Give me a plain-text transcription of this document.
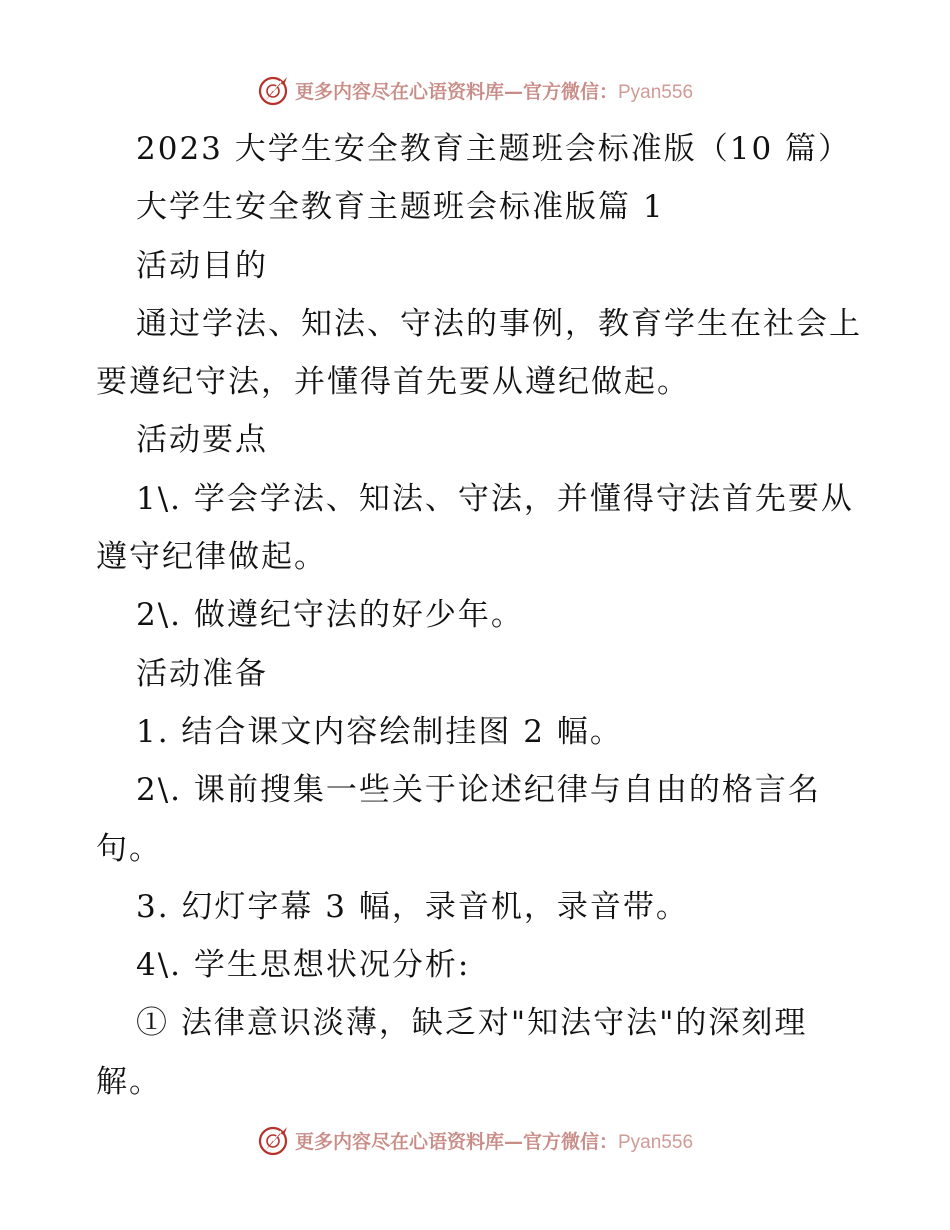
更多内容尽在心语资料库—官方微信：Pyan556

2023 大学生安全教育主题班会标准版（10 篇）

大学生安全教育主题班会标准版篇 1

活动目的

通过学法、知法、守法的事例，教育学生在社会上要遵纪守法，并懂得首先要从遵纪做起。

活动要点

1\. 学会学法、知法、守法，并懂得守法首先要从遵守纪律做起。

2\. 做遵纪守法的好少年。

活动准备

1. 结合课文内容绘制挂图 2 幅。

2\. 课前搜集一些关于论述纪律与自由的格言名句。

3. 幻灯字幕 3 幅，录音机，录音带。

4\. 学生思想状况分析:

① 法律意识淡薄，缺乏对"知法守法"的深刻理解。

更多内容尽在心语资料库—官方微信：Pyan556
